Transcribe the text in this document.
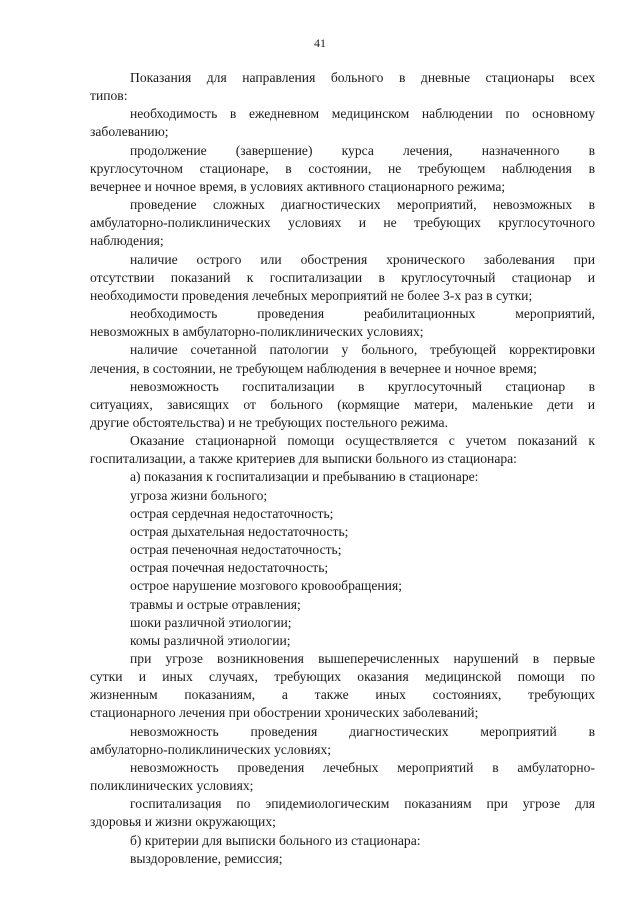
41

Показания для направления больного в дневные стационары всех

типов:

необходимость в ежедневном медицинском наблюдении по основному

заболеванию;

продолжение (завершение) курса лечения, назначенного в

круглосуточном стационаре, в состоянии, не требующем наблюдения в

вечернее и ночное время, в условиях активного стационарного режима;

проведение сложных диагностических мероприятий, невозможных в

амбулаторно-поликлинических условиях и не требующих круглосуточного

наблюдения;

наличие острого или обострения хронического заболевания при

отсутствии показаний к госпитализации в круглосуточный стационар и

необходимости проведения лечебных мероприятий не более 3-х раз в сутки;

необходимость проведения реабилитационных мероприятий,

невозможных в амбулаторно-поликлинических условиях;

наличие сочетанной патологии у больного, требующей корректировки

лечения, в состоянии, не требующем наблюдения в вечернее и ночное время;

невозможность госпитализации в круглосуточный стационар в

ситуациях, зависящих от больного (кормящие матери, маленькие дети и

другие обстоятельства) и не требующих постельного режима.

Оказание стационарной помощи осуществляется с учетом показаний к

госпитализации, а также критериев для выписки больного из стационара:

а) показания к госпитализации и пребыванию в стационаре:

угроза жизни больного;

острая сердечная недостаточность;

острая дыхательная недостаточность;

острая печеночная недостаточность;

острая почечная недостаточность;

острое нарушение мозгового кровообращения;

травмы и острые отравления;

шоки различной этиологии;

комы различной этиологии;

при угрозе возникновения вышеперечисленных нарушений в первые

сутки и иных случаях, требующих оказания медицинской помощи по

жизненным показаниям, а также иных состояниях, требующих

стационарного лечения при обострении хронических заболеваний;

невозможность проведения диагностических мероприятий в

амбулаторно-поликлинических условиях;

невозможность проведения лечебных мероприятий в амбулаторно-

поликлинических условиях;

госпитализация по эпидемиологическим показаниям при угрозе для

здоровья и жизни окружающих;

б) критерии для выписки больного из стационара:

выздоровление, ремиссия;
